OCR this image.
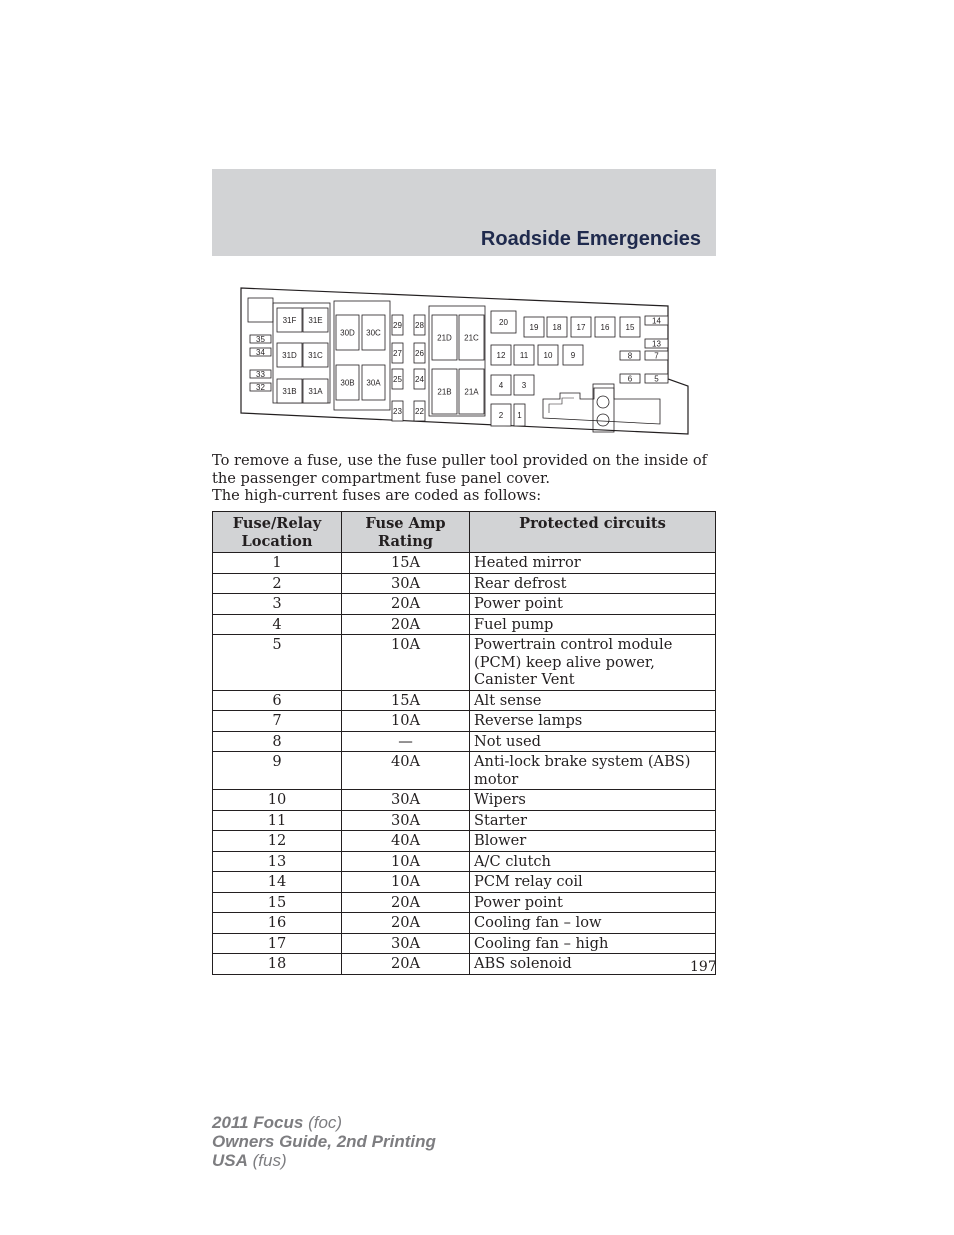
Roadside Emergencies
31F 31E
31D 31C
31B 31A
35
34
33
32
30D 30C
30B 30A
29 28
27 26
25 24
23 22
21D 21C
21B 21A
20
19 18 17 16 15
14
13
12 11 10 9	8	7
6	5
4 3
2 1

To remove a fuse, use the fuse puller tool provided on the inside of the passenger compartment fuse panel cover.

The high-current fuses are coded as follows:

Fuse/Relay Location	Fuse Amp Rating	Protected circuits
1	15A	Heated mirror
2	30A	Rear defrost
3	20A	Power point
4	20A	Fuel pump
5	10A	Powertrain control module (PCM) keep alive power, Canister Vent
6	15A	Alt sense
7	10A	Reverse lamps
8	—	Not used
9	40A	Anti-lock brake system (ABS) motor
10	30A	Wipers
11	30A	Starter
12	40A	Blower
13	10A	A/C clutch
14	10A	PCM relay coil
15	20A	Power point
16	20A	Cooling fan – low
17	30A	Cooling fan – high
18	20A	ABS solenoid	197
2011 Focus (foc)
Owners Guide, 2nd Printing
USA (fus)
